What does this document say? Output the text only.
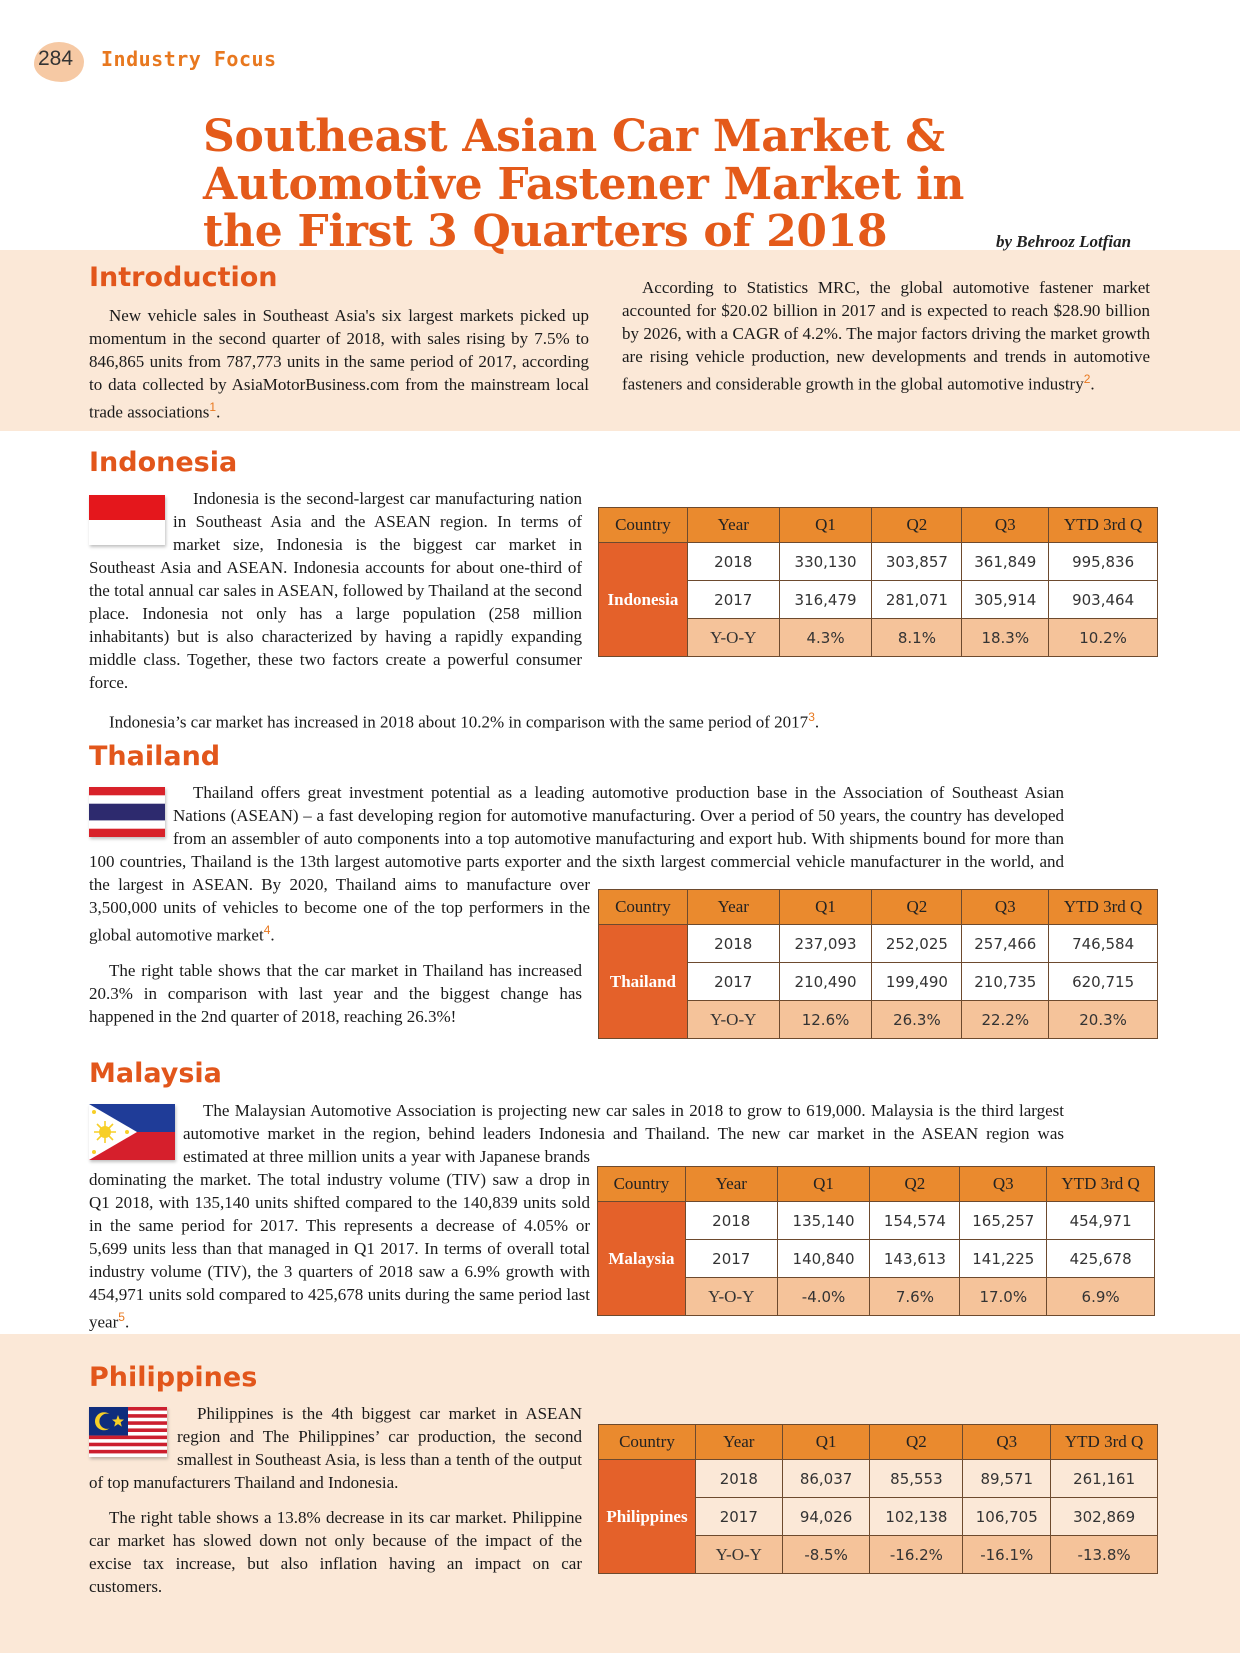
284 Industry Focus
Southeast Asian Car Market &
Automotive Fastener Market in
the First 3 Quarters of 2018	by Behrooz Lotfian
Introduction

New vehicle sales in Southeast Asia's six largest markets picked up momentum in the second quarter of 2018, with sales rising by 7.5% to 846,865 units from 787,773 units in the same period of 2017, according to data collected by AsiaMotorBusiness.com from the mainstream local trade associations$^1$.

According to Statistics MRC, the global automotive fastener market accounted for $20.02 billion in 2017 and is expected to reach $28.90 billion by 2026, with a CAGR of 4.2%. The major factors driving the market growth are rising vehicle production, new developments and trends in automotive fasteners and considerable growth in the global automotive industry$^2$.

Indonesia

Indonesia is the second-largest car manufacturing nation in Southeast Asia and the ASEAN region. In terms of market size, Indonesia is the biggest car market in Southeast Asia and ASEAN. Indonesia accounts for about one-third of the total annual car sales in ASEAN, followed by Thailand at the second place. Indonesia not only has a large population (258 million inhabitants) but is also characterized by having a rapidly expanding middle class. Together, these two factors create a powerful consumer force.

Indonesia’s car market has increased in 2018 about 10.2% in comparison with the same period of 2017$^3$.
Country	Year	Q1	Q2	Q3	YTD 3rd Q
Indonesia	2018	330,130	303,857	361,849	995,836
	2017	316,479	281,071	305,914	903,464
	Y-O-Y	4.3%	8.1%	18.3%	10.2%
Thailand

Thailand offers great investment potential as a leading automotive production base in the Association of Southeast Asian Nations (ASEAN) – a fast developing region for automotive manufacturing. Over a period of 50 years, the country has developed from an assembler of auto components into a top automotive manufacturing and export hub. With shipments bound for more than 100 countries, Thailand is the 13th largest automotive parts exporter and the sixth largest commercial vehicle manufacturer in the world, and the largest in ASEAN. By 2020, Thailand aims to manufacture over 3,500,000 units of vehicles to become one of the top performers in the global automotive market$^4$.

The right table shows that the car market in Thailand has increased 20.3% in comparison with last year and the biggest change has happened in the 2nd quarter of 2018, reaching 26.3%!

Country	Year	Q1	Q2	Q3	YTD 3rd Q
Thailand	2018	237,093	252,025	257,466	746,584
	2017	210,490	199,490	210,735	620,715
	Y-O-Y	12.6%	26.3%	22.2%	20.3%
Malaysia

The Malaysian Automotive Association is projecting new car sales in 2018 to grow to 619,000. Malaysia is the third largest automotive market in the region, behind leaders Indonesia and Thailand. The new car market in the ASEAN region was estimated at three million units a year with Japanese brands dominating the market. The total industry volume (TIV) saw a drop in Q1 2018, with 135,140 units shifted compared to the 140,839 units sold in the same period for 2017. This represents a decrease of 4.05% or 5,699 units less than that managed in Q1 2017. In terms of overall total industry volume (TIV), the 3 quarters of 2018 saw a 6.9% growth with 454,971 units sold compared to 425,678 units during the same period last year$^5$.

Country	Year	Q1	Q2	Q3	YTD 3rd Q
Malaysia	2018	135,140	154,574	165,257	454,971
	2017	140,840	143,613	141,225	425,678
	Y-O-Y	-4.0%	7.6%	17.0%	6.9%
Philippines

Philippines is the 4th biggest car market in ASEAN region and The Philippines’ car production, the second smallest in Southeast Asia, is less than a tenth of the output of top manufacturers Thailand and Indonesia.

The right table shows a 13.8% decrease in its car market. Philippine car market has slowed down not only because of the impact of the excise tax increase, but also inflation having an impact on car customers.

Country	Year	Q1	Q2	Q3	YTD 3rd Q
Philippines	2018	86,037	85,553	89,571	261,161
	2017	94,026	102,138	106,705	302,869
	Y-O-Y	-8.5%	-16.2%	-16.1%	-13.8%
